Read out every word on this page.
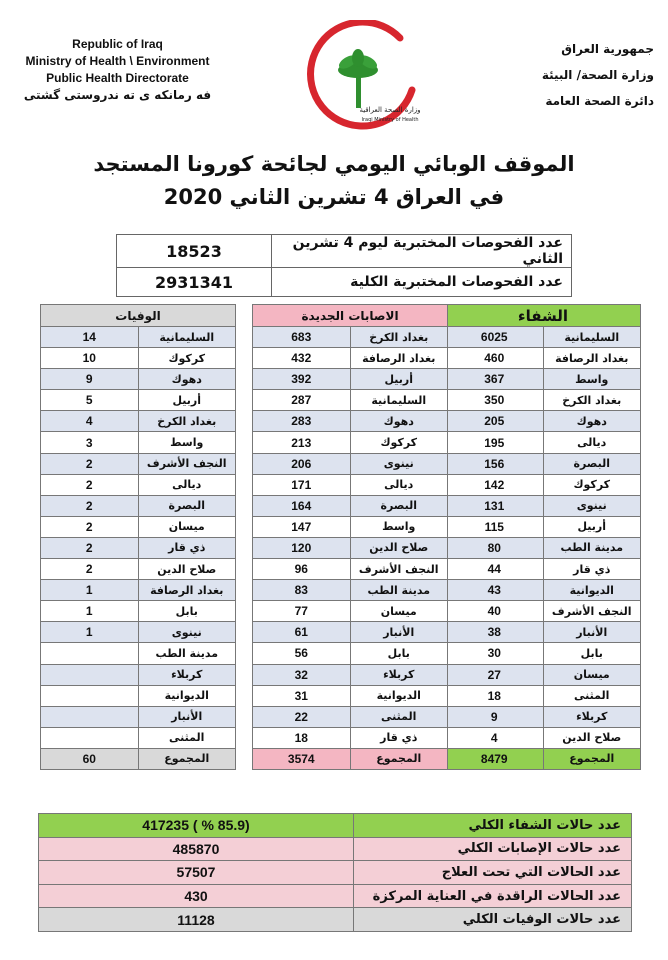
Republic of Iraq
Ministry of Health \ Environment
Public Health Directorate
فه رمانكه ى ته ندروستى گشتى
وزارة الصحة العراقية
Iraqi Ministry of Health
جمهورية العراق
وزارة الصحة/ البيئة
دائرة الصحة العامة
الموقف الوبائي اليومي لجائحة كورونا المستجد
في العراق 4 تشرين الثاني 2020
عدد الفحوصات المختبرية ليوم 4 تشرين الثاني	18523
عدد الفحوصات المختبرية الكلية	2931341
الشفاء	
السليمانية	6025
بغداد الرصافة	460
واسط	367
بغداد الكرخ	350
دهوك	205
ديالى	195
البصرة	156
كركوك	142
نينوى	131
أربيل	115
مدينة الطب	80
ذي قار	44
الديوانية	43
النجف الأشرف	40
الأنبار	38
بابل	30
ميسان	27
المثنى	18
كربلاء	9
صلاح الدين	4
المجموع	8479
الاصابات الجديدة	
بغداد الكرخ	683
بغداد الرصافة	432
أربيل	392
السليمانية	287
دهوك	283
كركوك	213
نينوى	206
ديالى	171
البصرة	164
واسط	147
صلاح الدين	120
النجف الأشرف	96
مدينة الطب	83
ميسان	77
الأنبار	61
بابل	56
كربلاء	32
الديوانية	31
المثنى	22
ذي قار	18
المجموع	3574
الوفيات	
السليمانية	14
كركوك	10
دهوك	9
أربيل	5
بغداد الكرخ	4
واسط	3
النجف الأشرف	2
ديالى	2
البصرة	2
ميسان	2
ذي قار	2
صلاح الدين	2
بغداد الرصافة	1
بابل	1
نينوى	1
مدينة الطب	
كربلاء	
الديوانية	
الأنبار	
المثنى	
المجموع	60
عدد حالات الشفاء الكلي	(85.9 % ) 417235
عدد حالات الإصابات الكلي	485870
عدد الحالات التي تحت العلاج	57507
عدد الحالات الراقدة في العناية المركزة	430
عدد حالات الوفيات الكلي	11128
